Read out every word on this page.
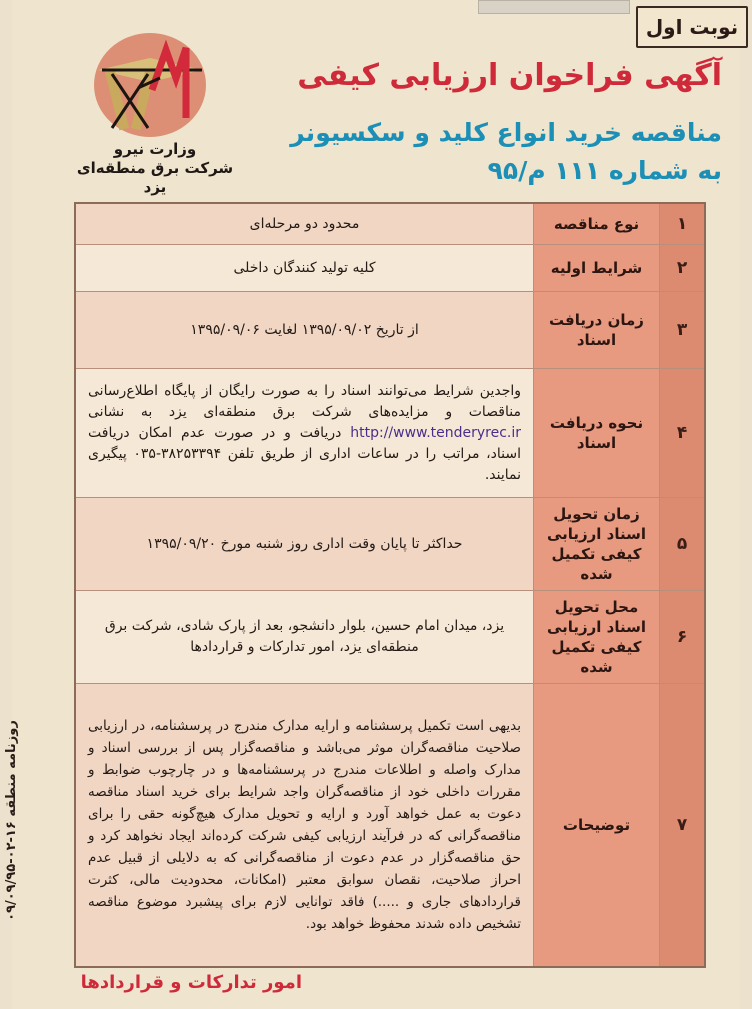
نوبت اول
روزنامه منطقه ۱۶-۰۲-۰۹/۰۹/۹۵
وزارت نیرو
شرکت برق منطقه‌ای یزد
آگهی فراخوان ارزیابی کیفی
مناقصه خرید انواع کلید و سکسیونر
به شماره ۱۱۱ م/۹۵
۱
نوع مناقصه
محدود دو مرحله‌ای
۲
شرایط اولیه
کلیه تولید کنندگان داخلی
۳
زمان دریافت اسناد
از تاریخ ۱۳۹۵/۰۹/۰۲ لغایت ۱۳۹۵/۰۹/۰۶
۴
نحوه دریافت اسناد
واجدین شرایط می‌توانند اسناد را به صورت رایگان از پایگاه اطلاع‌رسانی مناقصات و مزایده‌های شرکت برق منطقه‌ای یزد به نشانی http://www.tenderyrec.ir دریافت و در صورت عدم امکان دریافت اسناد، مراتب را در ساعات اداری از طریق تلفن ۳۸۲۵۳۳۹۴-۰۳۵ پیگیری نمایند.
۵
زمان تحویل اسناد ارزیابی کیفی تکمیل شده
حداکثر تا پایان وقت اداری روز شنبه مورخ ۱۳۹۵/۰۹/۲۰
۶
محل تحویل اسناد ارزیابی کیفی تکمیل شده
یزد، میدان امام حسین، بلوار دانشجو، بعد از پارک شادی، شرکت برق منطقه‌ای یزد، امور تدارکات و قراردادها
۷
توضیحات
بدیهی است تکمیل پرسشنامه و ارایه مدارک مندرج در پرسشنامه، در ارزیابی صلاحیت مناقصه‌گران موثر می‌باشد و مناقصه‌گزار پس از بررسی اسناد و مدارک واصله و اطلاعات مندرج در پرسشنامه‌ها و در چارچوب ضوابط و مقررات داخلی خود از مناقصه‌گران واجد شرایط برای خرید اسناد مناقصه دعوت به عمل خواهد آورد و ارایه و تحویل مدارک هیچ‌گونه حقی را برای مناقصه‌گرانی که در فرآیند ارزیابی کیفی شرکت کرده‌اند ایجاد نخواهد کرد و حق مناقصه‌گزار در عدم دعوت از مناقصه‌گرانی که به دلایلی از قبیل عدم احراز صلاحیت، نقصان سوابق معتبر (امکانات، محدودیت مالی، کثرت قراردادهای جاری و .....) فاقد توانایی لازم برای پیشبرد موضوع مناقصه تشخیص داده شدند محفوظ خواهد بود.
امور تدارکات و قراردادها
